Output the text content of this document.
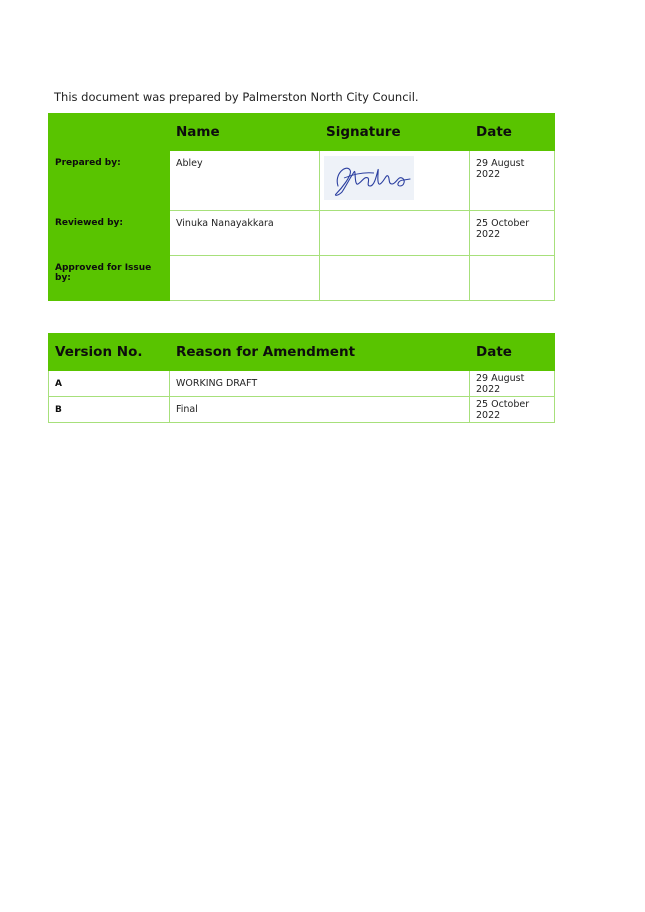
This document was prepared by Palmerston North City Council.
	Name	Signature	Date

Prepared by:	Abley		29 August 2022

Reviewed by:	Vinuka Nanayakkara		25 October 2022

Approved for Issue by:			

Version No.	Reason for Amendment	Date

A	WORKING DRAFT	29 August 2022

B	Final	25 October 2022
